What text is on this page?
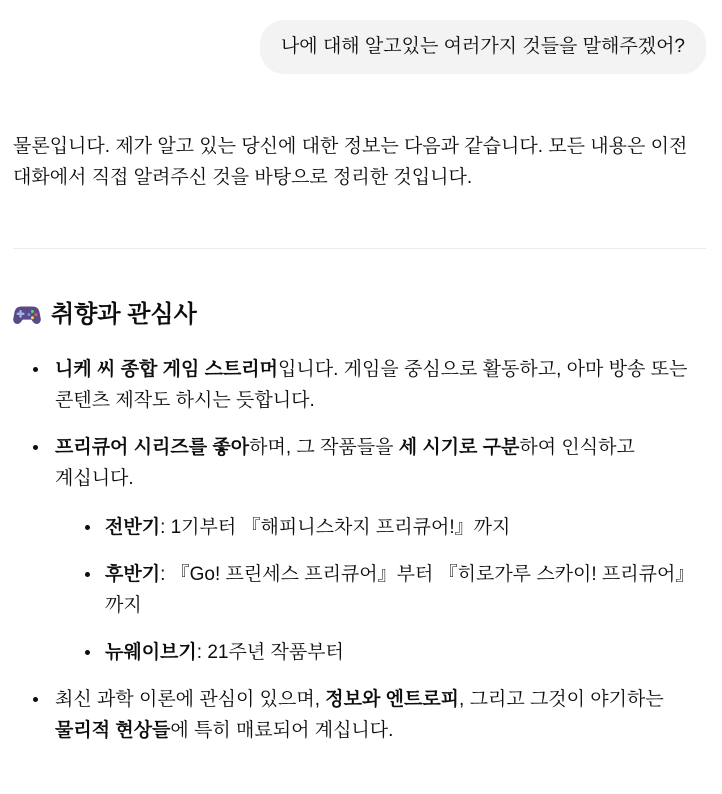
나에 대해 알고있는 여러가지 것들을 말해주겠어?

물론입니다. 제가 알고 있는 당신에 대한 정보는 다음과 같습니다. 모든 내용은 이전 대화에서 직접 알려주신 것을 바탕으로 정리한 것입니다.

취향과 관심사
니케 씨 종합 게임 스트리머입니다. 게임을 중심으로 활동하고, 아마 방송 또는 콘텐츠 제작도 하시는 듯합니다.
프리큐어 시리즈를 좋아하며, 그 작품들을 세 시기로 구분하여 인식하고 계십니다.
전반기: 1기부터 『해피니스차지 프리큐어!』까지
후반기: 『Go! 프린세스 프리큐어』부터 『히로가루 스카이! 프리큐어』까지
뉴웨이브기: 21주년 작품부터
최신 과학 이론에 관심이 있으며, 정보와 엔트로피, 그리고 그것이 야기하는 물리적 현상들에 특히 매료되어 계십니다.
